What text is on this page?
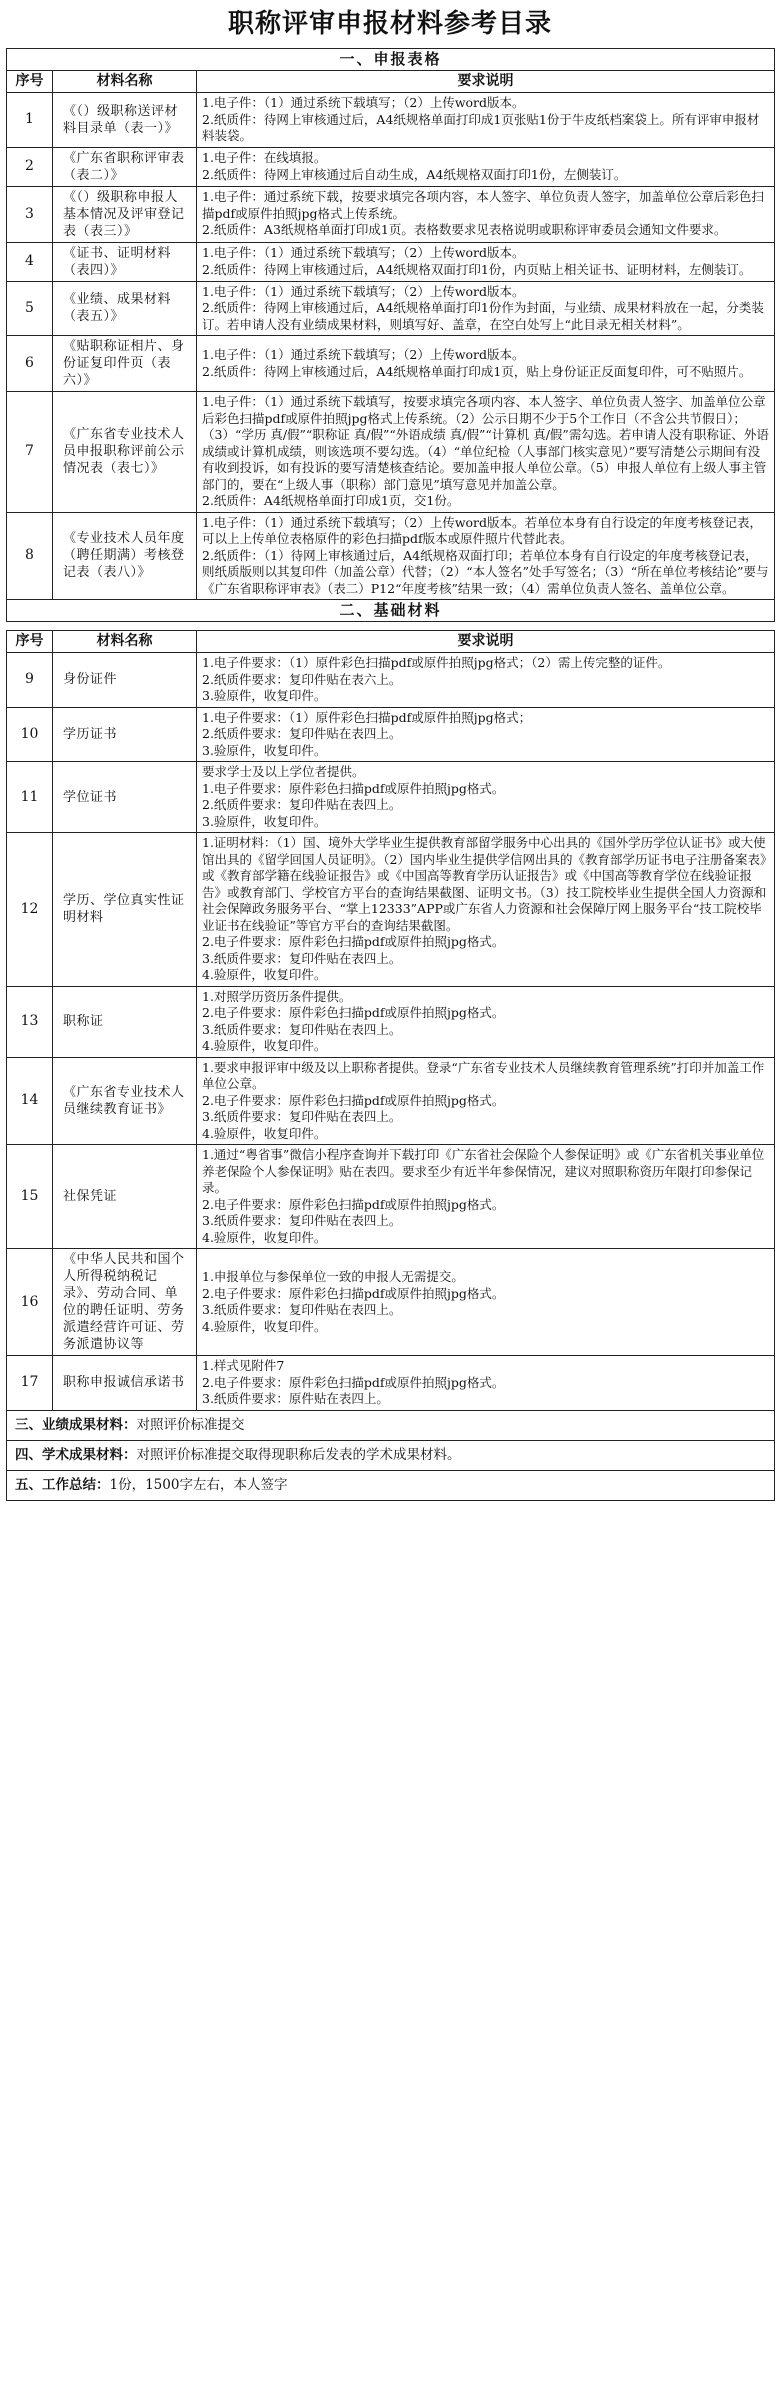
职称评审申报材料参考目录
一、申报表格		
序号	材料名称	要求说明
1	《（）级职称送评材料目录单（表一）》	1.电子件：（1）通过系统下载填写；（2）上传word版本。
2.纸质件：待网上审核通过后，A4纸规格单面打印成1页张贴1份于牛皮纸档案袋上。所有评审申报材料装袋。

2	《广东省职称评审表（表二）》	1.电子件：在线填报。
2.纸质件：待网上审核通过后自动生成，A4纸规格双面打印1份，左侧装订。

3	《（）级职称申报人基本情况及评审登记表（表三）》	1.电子件：通过系统下载，按要求填完各项内容，本人签字、单位负责人签字，加盖单位公章后彩色扫描pdf或原件拍照jpg格式上传系统。
2.纸质件：A3纸规格单面打印成1页。表格数要求见表格说明或职称评审委员会通知文件要求。

4	《证书、证明材料（表四）》	1.电子件：（1）通过系统下载填写；（2）上传word版本。
2.纸质件：待网上审核通过后，A4纸规格双面打印1份，内页贴上相关证书、证明材料，左侧装订。

5	《业绩、成果材料（表五）》	1.电子件：（1）通过系统下载填写；（2）上传word版本。
2.纸质件：待网上审核通过后，A4纸规格单面打印1份作为封面，与业绩、成果材料放在一起，分类装订。若申请人没有业绩成果材料，则填写好、盖章，在空白处写上“此目录无相关材料”。

6	《贴职称证相片、身份证复印件页（表六）》	1.电子件：（1）通过系统下载填写；（2）上传word版本。
2.纸质件：待网上审核通过后，A4纸规格单面打印成1页，贴上身份证正反面复印件，可不贴照片。

7	《广东省专业技术人员申报职称评前公示情况表（表七）》	1.电子件：（1）通过系统下载填写，按要求填完各项内容、本人签字、单位负责人签字、加盖单位公章后彩色扫描pdf或原件拍照jpg格式上传系统。（2）公示日期不少于5个工作日（不含公共节假日）；（3）“学历 真/假”“职称证 真/假”“外语成绩 真/假”“计算机 真/假”需勾选。若申请人没有职称证、外语成绩或计算机成绩，则该选项不要勾选。（4）“单位纪检（人事部门核实意见）”要写清楚公示期间有没有收到投诉，如有投诉的要写清楚核查结论。要加盖申报人单位公章。（5）申报人单位有上级人事主管部门的，要在“上级人事（职称）部门意见”填写意见并加盖公章。
2.纸质件：A4纸规格单面打印成1页，交1份。

8	《专业技术人员年度（聘任期满）考核登记表（表八）》	1.电子件：（1）通过系统下载填写；（2）上传word版本。若单位本身有自行设定的年度考核登记表，可以上上传单位表格原件的彩色扫描pdf版本或原件照片代替此表。
2.纸质件：（1）待网上审核通过后，A4纸规格双面打印；若单位本身有自行设定的年度考核登记表，则纸质版则以其复印件（加盖公章）代替；（2）“本人签名”处手写签名；（3）“所在单位考核结论”要与《广东省职称评审表》（表二）P12“年度考核”结果一致；（4）需单位负责人签名、盖单位公章。

二、基础材料		
序号	材料名称	要求说明
9	身份证件	1.电子件要求：（1）原件彩色扫描pdf或原件拍照jpg格式；（2）需上传完整的证件。
2.纸质件要求：复印件贴在表六上。
3.验原件，收复印件。

10	学历证书	1.电子件要求：（1）原件彩色扫描pdf或原件拍照jpg格式；
2.纸质件要求：复印件贴在表四上。
3.验原件，收复印件。

11	学位证书	要求学士及以上学位者提供。
1.电子件要求：原件彩色扫描pdf或原件拍照jpg格式。
2.纸质件要求：复印件贴在表四上。
3.验原件，收复印件。

12	学历、学位真实性证明材料	1.证明材料：（1）国、境外大学毕业生提供教育部留学服务中心出具的《国外学历学位认证书》或大使馆出具的《留学回国人员证明》。（2）国内毕业生提供学信网出具的《教育部学历证书电子注册备案表》或《教育部学籍在线验证报告》或《中国高等教育学历认证报告》或《中国高等教育学位在线验证报告》或教育部门、学校官方平台的查询结果截图、证明文书。（3）技工院校毕业生提供全国人力资源和社会保障政务服务平台、“掌上12333”APP或广东省人力资源和社会保障厅网上服务平台“技工院校毕业证书在线验证”等官方平台的查询结果截图。
2.电子件要求：原件彩色扫描pdf或原件拍照jpg格式。
3.纸质件要求：复印件贴在表四上。
4.验原件，收复印件。

13	职称证	1.对照学历资历条件提供。
2.电子件要求：原件彩色扫描pdf或原件拍照jpg格式。
3.纸质件要求：复印件贴在表四上。
4.验原件，收复印件。

14	《广东省专业技术人员继续教育证书》	1.要求申报评审中级及以上职称者提供。登录“广东省专业技术人员继续教育管理系统”打印并加盖工作单位公章。
2.电子件要求：原件彩色扫描pdf或原件拍照jpg格式。
3.纸质件要求：复印件贴在表四上。
4.验原件，收复印件。

15	社保凭证	1.通过“粤省事”微信小程序查询并下载打印《广东省社会保险个人参保证明》或《广东省机关事业单位养老保险个人参保证明》贴在表四。要求至少有近半年参保情况，建议对照职称资历年限打印参保记录。
2.电子件要求：原件彩色扫描pdf或原件拍照jpg格式。
3.纸质件要求：复印件贴在表四上。
4.验原件，收复印件。

16	《中华人民共和国个人所得税纳税记录》、劳动合同、单位的聘任证明、劳务派遣经营许可证、劳务派遣协议等	1.申报单位与参保单位一致的申报人无需提交。
2.电子件要求：原件彩色扫描pdf或原件拍照jpg格式。
3.纸质件要求：复印件贴在表四上。
4.验原件，收复印件。

17	职称申报诚信承诺书	1.样式见附件7
2.电子件要求：原件彩色扫描pdf或原件拍照jpg格式。
3.纸质件要求：原件贴在表四上。

三、业绩成果材料：对照评价标准提交		
四、学术成果材料：对照评价标准提交取得现职称后发表的学术成果材料。		
五、工作总结：1份，1500字左右，本人签字		
